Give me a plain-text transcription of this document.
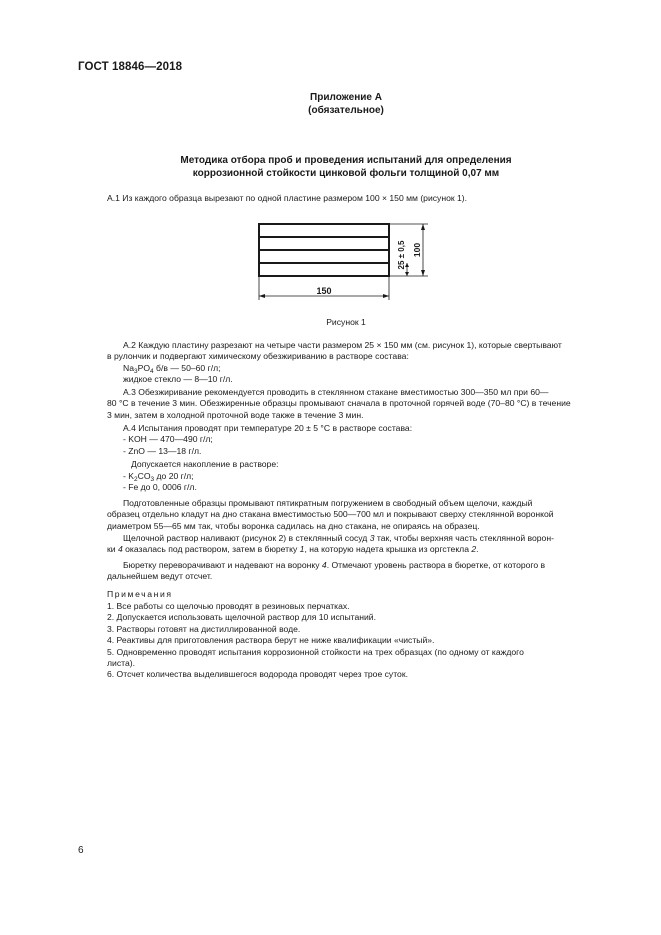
ГОСТ 18846—2018
Приложение А
(обязательное)
Методика отбора проб и проведения испытаний для определения
коррозионной стойкости цинковой фольги толщиной 0,07 мм
А.1 Из каждого образца вырезают по одной пластине размером 100 × 150 мм (рисунок 1).
150
100
25 ± 0,5
Рисунок 1
А.2 Каждую пластину разрезают на четыре части размером 25 × 150 мм (см. рисунок 1), которые свертывают
в рулончик и подвергают химическому обезжириванию в растворе состава:
$Na_3PO_4$ б/в — 50–60 г/л;
жидкое стекло — 8—10 г/л.
А.3 Обезжиривание рекомендуется проводить в стеклянном стакане вместимостью 300—350 мл при 60—
80 °С в течение 3 мин. Обезжиренные образцы промывают сначала в проточной горячей воде (70–80 °С) в течение
3 мин, затем в холодной проточной воде также в течение 3 мин.
А.4 Испытания проводят при температуре 20 ± 5 °С в растворе состава:
- KOH — 470—490 г/л;
- ZnO — 13—18 г/л.
Допускается накопление в растворе:
- $K_2CO_3$ до 20 г/л;
- Fe до 0, 0006 г/л.
Подготовленные образцы промывают пятикратным погружением в свободный объем щелочи, каждый
образец отдельно кладут на дно стакана вместимостью 500—700 мл и покрывают сверху стеклянной воронкой
диаметром 55—65 мм так, чтобы воронка садилась на дно стакана, не опираясь на образец.
Щелочной раствор наливают (рисунок 2) в стеклянный сосуд 3 так, чтобы верхняя часть стеклянной ворон-
ки 4 оказалась под раствором, затем в бюретку 1, на которую надета крышка из оргстекла 2.
Бюретку переворачивают и надевают на воронку 4. Отмечают уровень раствора в бюретке, от которого в
дальнейшем ведут отсчет.
Примечания
1. Все работы со щелочью проводят в резиновых перчатках.
2. Допускается использовать щелочной раствор для 10 испытаний.
3. Растворы готовят на дистиллированной воде.
4. Реактивы для приготовления раствора берут не ниже квалификации «чистый».
5. Одновременно проводят испытания коррозионной стойкости на трех образцах (по одному от каждого
листа).
6. Отсчет количества выделившегося водорода проводят через трое суток.
6
